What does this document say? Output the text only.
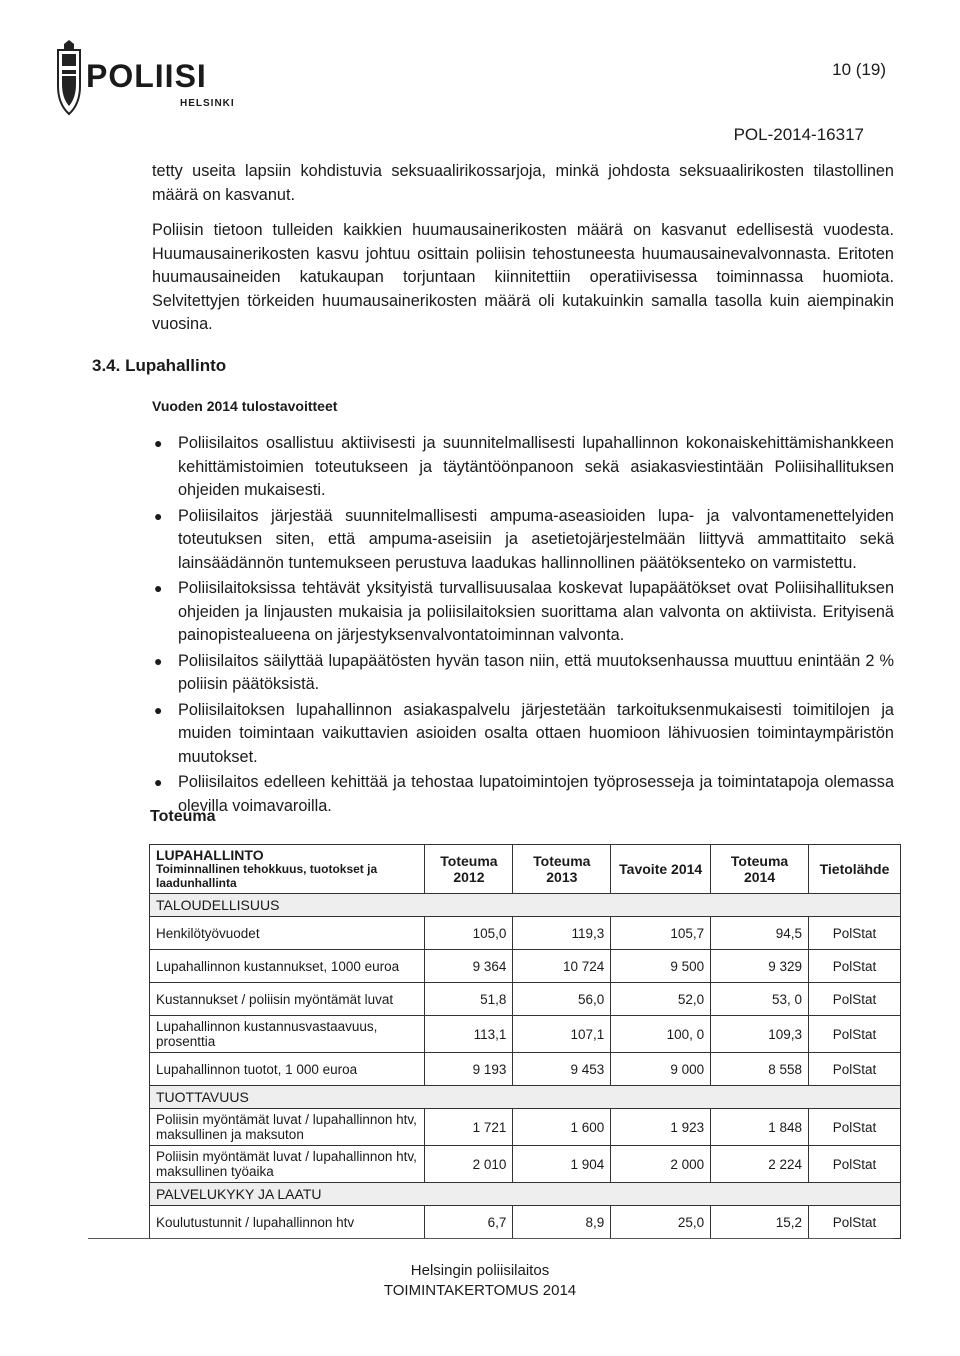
POLIISI
HELSINKI
10 (19)
POL-2014-16317
tetty useita lapsiin kohdistuvia seksuaalirikossarjoja, minkä johdosta seksuaalirikosten tilastollinen määrä on kasvanut.
Poliisin tietoon tulleiden kaikkien huumausainerikosten määrä on kasvanut edellisestä vuodesta. Huumausainerikosten kasvu johtuu osittain poliisin tehostuneesta huumausainevalvonnasta. Eritoten huumausaineiden katukaupan torjuntaan kiinnitettiin operatiivisessa toiminnassa huomiota. Selvitettyjen törkeiden huumausainerikosten määrä oli kutakuinkin samalla tasolla kuin aiempinakin vuosina.
3.4. Lupahallinto
Vuoden 2014 tulostavoitteet
● Poliisilaitos osallistuu aktiivisesti ja suunnitelmallisesti lupahallinnon kokonaiskehittämishankkeen kehittämistoimien toteutukseen ja täytäntöönpanoon sekä asiakasviestintään Poliisihallituksen ohjeiden mukaisesti.
● Poliisilaitos järjestää suunnitelmallisesti ampuma-aseasioiden lupa- ja valvontamenettelyiden toteutuksen siten, että ampuma-aseisiin ja asetietojärjestelmään liittyvä ammattitaito sekä lainsäädännön tuntemukseen perustuva laadukas hallinnollinen päätöksenteko on varmistettu.
● Poliisilaitoksissa tehtävät yksityistä turvallisuusalaa koskevat lupapäätökset ovat Poliisihallituksen ohjeiden ja linjausten mukaisia ja poliisilaitoksien suorittama alan valvonta on aktiivista. Erityisenä painopistealueena on järjestyksenvalvontatoiminnan valvonta.
● Poliisilaitos säilyttää lupapäätösten hyvän tason niin, että muutoksenhaussa muuttuu enintään 2 % poliisin päätöksistä.
● Poliisilaitoksen lupahallinnon asiakaspalvelu järjestetään tarkoituksenmukaisesti toimitilojen ja muiden toimintaan vaikuttavien asioiden osalta ottaen huomioon lähivuosien toimintaympäristön muutokset.
● Poliisilaitos edelleen kehittää ja tehostaa lupatoimintojen työprosesseja ja toimintatapoja olemassa olevilla voimavaroilla.
Toteuma
LUPAHALLINTO
Toiminnallinen tehokkuus, tuotokset ja laadunhallinta	Toteuma 2012	Toteuma 2013	Tavoite 2014	Toteuma 2014	Tietolähde
TALOUDELLISUUS					
Henkilötyövuodet	105,0	119,3	105,7	94,5	PolStat
Lupahallinnon kustannukset, 1000 euroa	9 364	10 724	9 500	9 329	PolStat
Kustannukset / poliisin myöntämät luvat	51,8	56,0	52,0	53, 0	PolStat
Lupahallinnon kustannusvastaavuus, prosenttia	113,1	107,1	100, 0	109,3	PolStat
Lupahallinnon tuotot, 1 000 euroa	9 193	9 453	9 000	8 558	PolStat
TUOTTAVUUS					
Poliisin myöntämät luvat / lupahallinnon htv, maksullinen ja maksuton	1 721	1 600	1 923	1 848	PolStat
Poliisin myöntämät luvat / lupahallinnon htv, maksullinen työaika	2 010	1 904	2 000	2 224	PolStat
PALVELUKYKY JA LAATU					
Koulutustunnit / lupahallinnon htv	6,7	8,9	25,0	15,2	PolStat
Helsingin poliisilaitos
TOIMINTAKERTOMUS 2014
